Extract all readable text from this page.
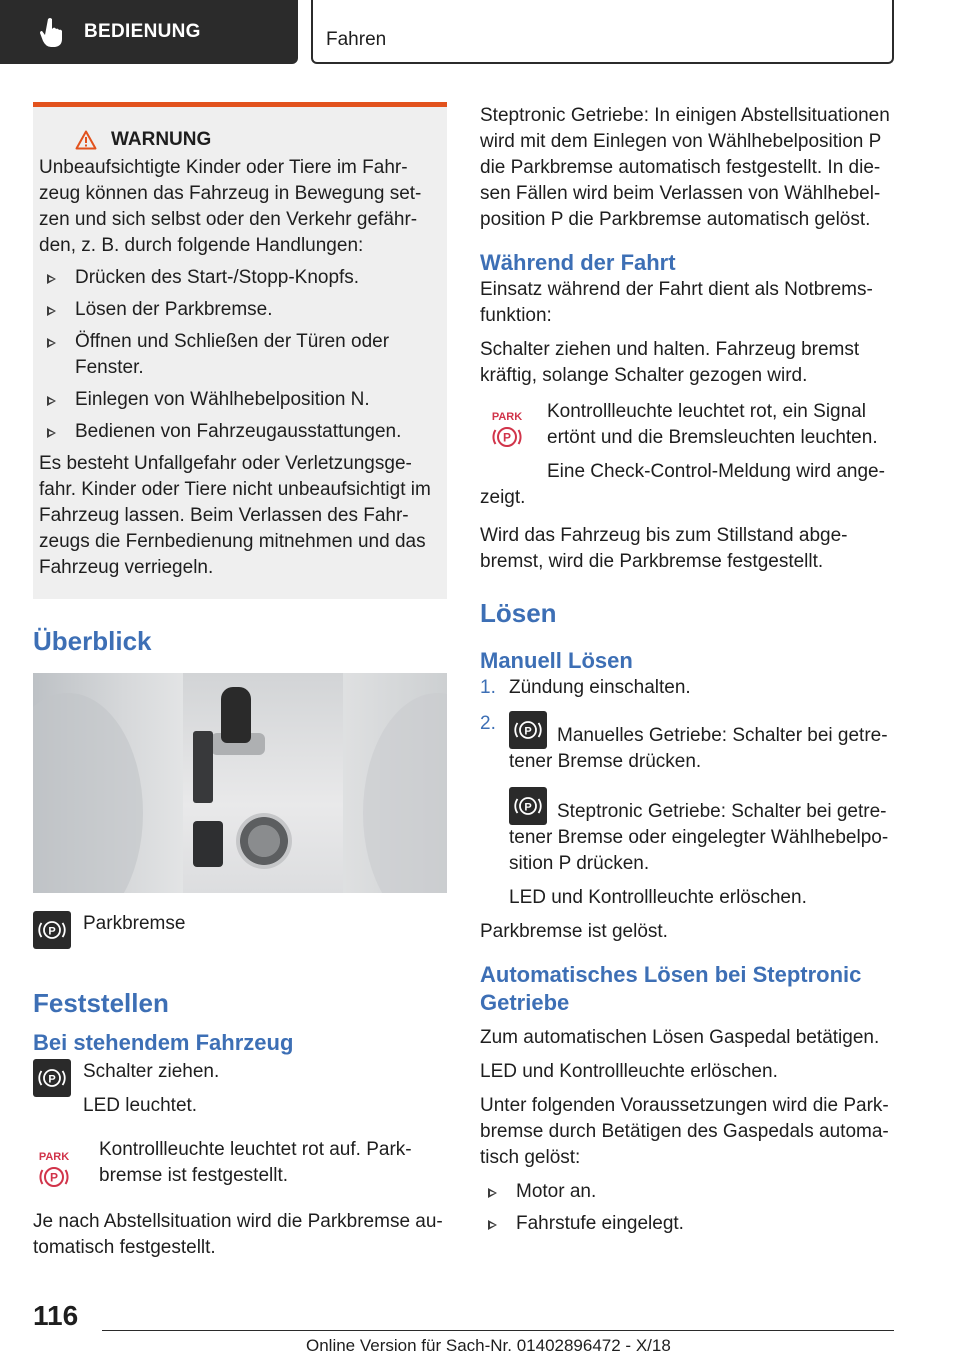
BEDIENUNG	Fahren
WARNUNG

Unbeaufsichtigte Kinder oder Tiere im Fahr-zeug können das Fahrzeug in Bewegung set-zen und sich selbst oder den Verkehr gefähr-den, z. B. durch folgende Handlungen:

Drücken des Start-/Stopp-Knopfs.
Lösen der Parkbremse.
Öffnen und Schließen der Türen oder Fenster.
Einlegen von Wählhebelposition N.
Bedienen von Fahrzeugausstattungen.

Es besteht Unfallgefahr oder Verletzungsge-fahr. Kinder oder Tiere nicht unbeaufsichtigt im Fahrzeug lassen. Beim Verlassen des Fahr-zeugs die Fernbedienung mitnehmen und das Fahrzeug verriegeln.

Überblick
P Parkbremse

Feststellen
Bei stehendem Fahrzeug
P Schalter ziehen.

LED leuchtet.

PARK
P

Kontrollleuchte leuchtet rot auf. Park-bremse ist festgestellt.

Je nach Abstellsituation wird die Parkbremse au-tomatisch festgestellt.

Steptronic Getriebe: In einigen Abstellsituationen wird mit dem Einlegen von Wählhebelposition P die Parkbremse automatisch festgestellt. In die-sen Fällen wird beim Verlassen von Wählhebel-position P die Parkbremse automatisch gelöst.

Während der Fahrt

Einsatz während der Fahrt dient als Notbrems-funktion:

Schalter ziehen und halten. Fahrzeug bremst kräftig, solange Schalter gezogen wird.

PARK
P

Kontrollleuchte leuchtet rot, ein Signal ertönt und die Bremsleuchten leuchten.

Eine Check-Control-Meldung wird ange-zeigt.

Wird das Fahrzeug bis zum Stillstand abge-bremst, wird die Parkbremse festgestellt.

Lösen
Manuell Lösen
1. Zündung einschalten.
2.	P Manuelles Getriebe: Schalter bei getre-tener Bremse drücken.
P Steptronic Getriebe: Schalter bei getre-tener Bremse oder eingelegter Wählhebelpo-sition P drücken.

LED und Kontrollleuchte erlöschen.

Parkbremse ist gelöst.

Automatisches Lösen bei Steptronic Getriebe

Zum automatischen Lösen Gaspedal betätigen.

LED und Kontrollleuchte erlöschen.

Unter folgenden Voraussetzungen wird die Park-bremse durch Betätigen des Gaspedals automa-tisch gelöst:

Motor an.
Fahrstufe eingelegt.
116
Online Version für Sach-Nr. 01402896472 - X/18
